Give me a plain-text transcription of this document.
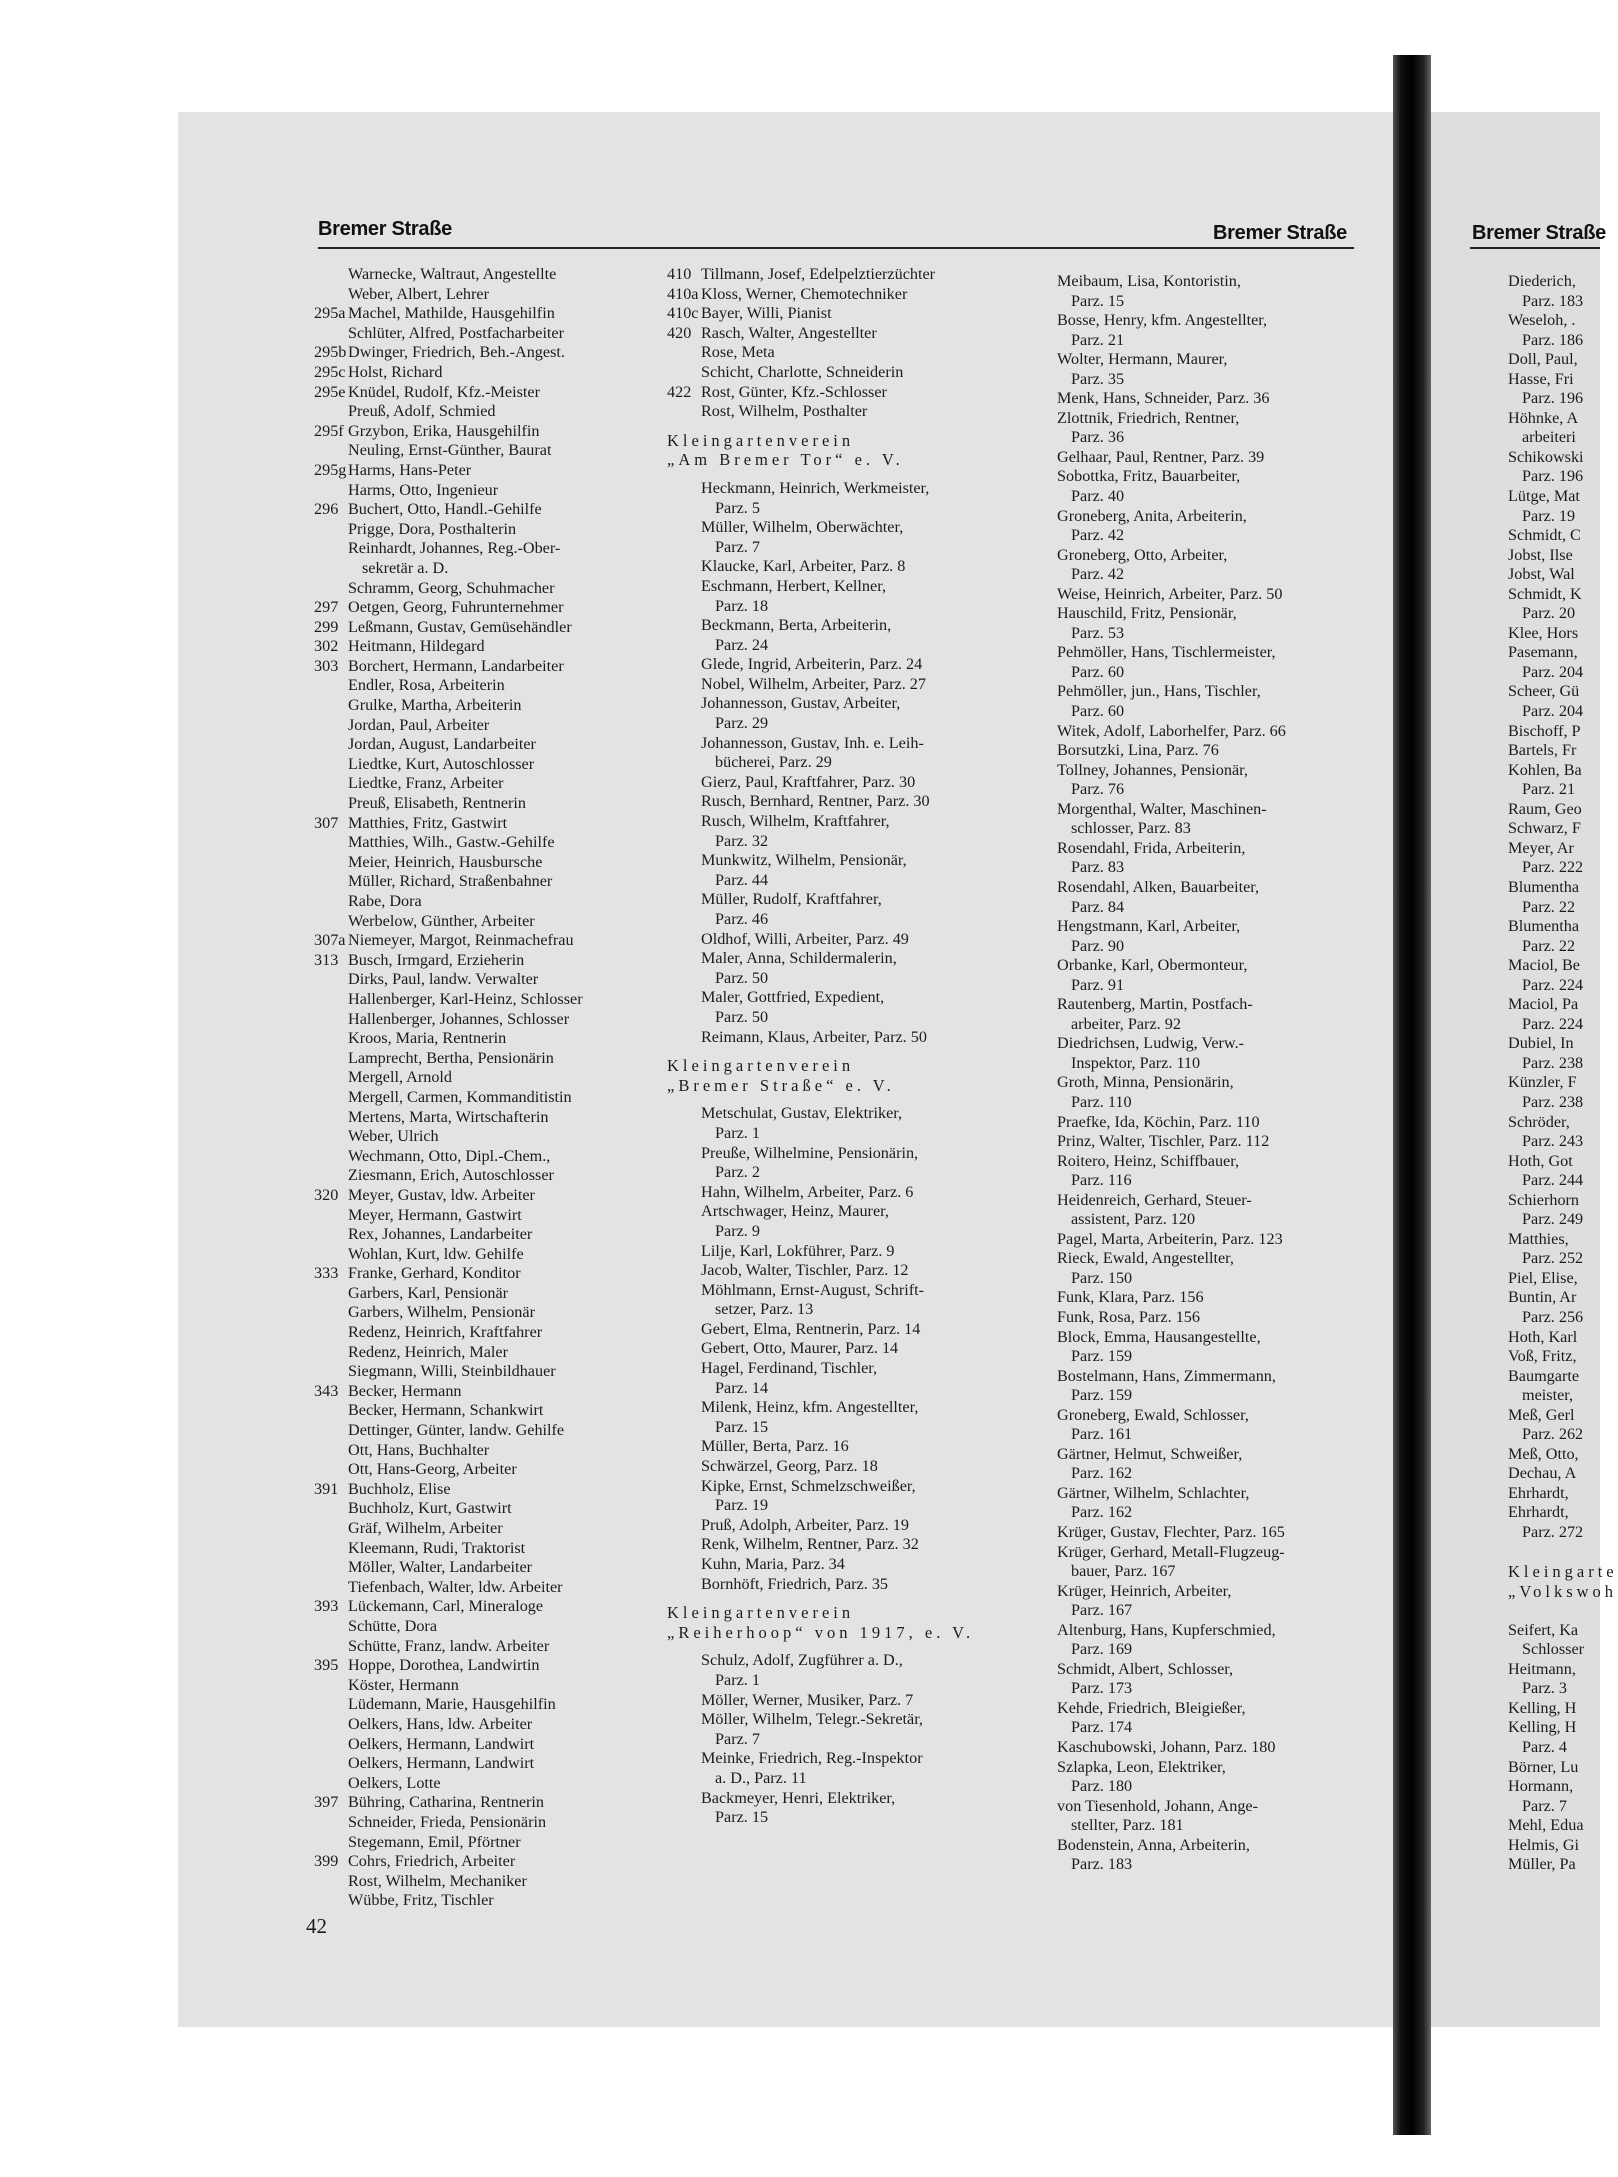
Bremer Straße	Bremer Straße	Bremer Straße
Warnecke, Waltraut, Angestellte
Weber, Albert, Lehrer
295a Machel, Mathilde, Hausgehilfin
Schlüter, Alfred, Postfacharbeiter
295b Dwinger, Friedrich, Beh.-Angest.
295c Holst, Richard
295e Knüdel, Rudolf, Kfz.-Meister
Preuß, Adolf, Schmied
295f Grzybon, Erika, Hausgehilfin
Neuling, Ernst-Günther, Baurat
295g Harms, Hans-Peter
Harms, Otto, Ingenieur
296 Buchert, Otto, Handl.-Gehilfe
Prigge, Dora, Posthalterin
Reinhardt, Johannes, Reg.-Ober-
sekretär a. D.
Schramm, Georg, Schuhmacher
297 Oetgen, Georg, Fuhrunternehmer
299 Leßmann, Gustav, Gemüsehändler
302 Heitmann, Hildegard
303 Borchert, Hermann, Landarbeiter
Endler, Rosa, Arbeiterin
Grulke, Martha, Arbeiterin
Jordan, Paul, Arbeiter
Jordan, August, Landarbeiter
Liedtke, Kurt, Autoschlosser
Liedtke, Franz, Arbeiter
Preuß, Elisabeth, Rentnerin
307 Matthies, Fritz, Gastwirt
Matthies, Wilh., Gastw.-Gehilfe
Meier, Heinrich, Hausbursche
Müller, Richard, Straßenbahner
Rabe, Dora
Werbelow, Günther, Arbeiter
307a Niemeyer, Margot, Reinmachefrau
313 Busch, Irmgard, Erzieherin
Dirks, Paul, landw. Verwalter
Hallenberger, Karl-Heinz, Schlosser
Hallenberger, Johannes, Schlosser
Kroos, Maria, Rentnerin
Lamprecht, Bertha, Pensionärin
Mergell, Arnold
Mergell, Carmen, Kommanditistin
Mertens, Marta, Wirtschafterin
Weber, Ulrich
Wechmann, Otto, Dipl.-Chem.,
Ziesmann, Erich, Autoschlosser
320 Meyer, Gustav, ldw. Arbeiter
Meyer, Hermann, Gastwirt
Rex, Johannes, Landarbeiter
Wohlan, Kurt, ldw. Gehilfe
333 Franke, Gerhard, Konditor
Garbers, Karl, Pensionär
Garbers, Wilhelm, Pensionär
Redenz, Heinrich, Kraftfahrer
Redenz, Heinrich, Maler
Siegmann, Willi, Steinbildhauer
343 Becker, Hermann
Becker, Hermann, Schankwirt
Dettinger, Günter, landw. Gehilfe
Ott, Hans, Buchhalter
Ott, Hans-Georg, Arbeiter
391 Buchholz, Elise
Buchholz, Kurt, Gastwirt
Gräf, Wilhelm, Arbeiter
Kleemann, Rudi, Traktorist
Möller, Walter, Landarbeiter
Tiefenbach, Walter, ldw. Arbeiter
393 Lückemann, Carl, Mineraloge
Schütte, Dora
Schütte, Franz, landw. Arbeiter
395 Hoppe, Dorothea, Landwirtin
Köster, Hermann
Lüdemann, Marie, Hausgehilfin
Oelkers, Hans, ldw. Arbeiter
Oelkers, Hermann, Landwirt
Oelkers, Hermann, Landwirt
Oelkers, Lotte
397 Bühring, Catharina, Rentnerin
Schneider, Frieda, Pensionärin
Stegemann, Emil, Pförtner
399 Cohrs, Friedrich, Arbeiter
Rost, Wilhelm, Mechaniker
Wübbe, Fritz, Tischler
410 Tillmann, Josef, Edelpelztierzüchter
410a Kloss, Werner, Chemotechniker
410c Bayer, Willi, Pianist
420 Rasch, Walter, Angestellter
Rose, Meta
Schicht, Charlotte, Schneiderin
422 Rost, Günter, Kfz.-Schlosser
Rost, Wilhelm, Posthalter
Kleingartenverein
„Am Bremer Tor“ e. V.
Heckmann, Heinrich, Werkmeister,
Parz. 5
Müller, Wilhelm, Oberwächter,
Parz. 7
Klaucke, Karl, Arbeiter, Parz. 8
Eschmann, Herbert, Kellner,
Parz. 18
Beckmann, Berta, Arbeiterin,
Parz. 24
Glede, Ingrid, Arbeiterin, Parz. 24
Nobel, Wilhelm, Arbeiter, Parz. 27
Johannesson, Gustav, Arbeiter,
Parz. 29
Johannesson, Gustav, Inh. e. Leih-
bücherei, Parz. 29
Gierz, Paul, Kraftfahrer, Parz. 30
Rusch, Bernhard, Rentner, Parz. 30
Rusch, Wilhelm, Kraftfahrer,
Parz. 32
Munkwitz, Wilhelm, Pensionär,
Parz. 44
Müller, Rudolf, Kraftfahrer,
Parz. 46
Oldhof, Willi, Arbeiter, Parz. 49
Maler, Anna, Schildermalerin,
Parz. 50
Maler, Gottfried, Expedient,
Parz. 50
Reimann, Klaus, Arbeiter, Parz. 50
Kleingartenverein
„Bremer Straße“ e. V.
Metschulat, Gustav, Elektriker,
Parz. 1
Preuße, Wilhelmine, Pensionärin,
Parz. 2
Hahn, Wilhelm, Arbeiter, Parz. 6
Artschwager, Heinz, Maurer,
Parz. 9
Lilje, Karl, Lokführer, Parz. 9
Jacob, Walter, Tischler, Parz. 12
Möhlmann, Ernst-August, Schrift-
setzer, Parz. 13
Gebert, Elma, Rentnerin, Parz. 14
Gebert, Otto, Maurer, Parz. 14
Hagel, Ferdinand, Tischler,
Parz. 14
Milenk, Heinz, kfm. Angestellter,
Parz. 15
Müller, Berta, Parz. 16
Schwärzel, Georg, Parz. 18
Kipke, Ernst, Schmelzschweißer,
Parz. 19
Pruß, Adolph, Arbeiter, Parz. 19
Renk, Wilhelm, Rentner, Parz. 32
Kuhn, Maria, Parz. 34
Bornhöft, Friedrich, Parz. 35
Kleingartenverein
„Reiherhoop“ von 1917, e. V.
Schulz, Adolf, Zugführer a. D.,
Parz. 1
Möller, Werner, Musiker, Parz. 7
Möller, Wilhelm, Telegr.-Sekretär,
Parz. 7
Meinke, Friedrich, Reg.-Inspektor
a. D., Parz. 11
Backmeyer, Henri, Elektriker,
Parz. 15
Meibaum, Lisa, Kontoristin,
Parz. 15
Bosse, Henry, kfm. Angestellter,
Parz. 21
Wolter, Hermann, Maurer,
Parz. 35
Menk, Hans, Schneider, Parz. 36
Zlottnik, Friedrich, Rentner,
Parz. 36
Gelhaar, Paul, Rentner, Parz. 39
Sobottka, Fritz, Bauarbeiter,
Parz. 40
Groneberg, Anita, Arbeiterin,
Parz. 42
Groneberg, Otto, Arbeiter,
Parz. 42
Weise, Heinrich, Arbeiter, Parz. 50
Hauschild, Fritz, Pensionär,
Parz. 53
Pehmöller, Hans, Tischlermeister,
Parz. 60
Pehmöller, jun., Hans, Tischler,
Parz. 60
Witek, Adolf, Laborhelfer, Parz. 66
Borsutzki, Lina, Parz. 76
Tollney, Johannes, Pensionär,
Parz. 76
Morgenthal, Walter, Maschinen-
schlosser, Parz. 83
Rosendahl, Frida, Arbeiterin,
Parz. 83
Rosendahl, Alken, Bauarbeiter,
Parz. 84
Hengstmann, Karl, Arbeiter,
Parz. 90
Orbanke, Karl, Obermonteur,
Parz. 91
Rautenberg, Martin, Postfach-
arbeiter, Parz. 92
Diedrichsen, Ludwig, Verw.-
Inspektor, Parz. 110
Groth, Minna, Pensionärin,
Parz. 110
Praefke, Ida, Köchin, Parz. 110
Prinz, Walter, Tischler, Parz. 112
Roitero, Heinz, Schiffbauer,
Parz. 116
Heidenreich, Gerhard, Steuer-
assistent, Parz. 120
Pagel, Marta, Arbeiterin, Parz. 123
Rieck, Ewald, Angestellter,
Parz. 150
Funk, Klara, Parz. 156
Funk, Rosa, Parz. 156
Block, Emma, Hausangestellte,
Parz. 159
Bostelmann, Hans, Zimmermann,
Parz. 159
Groneberg, Ewald, Schlosser,
Parz. 161
Gärtner, Helmut, Schweißer,
Parz. 162
Gärtner, Wilhelm, Schlachter,
Parz. 162
Krüger, Gustav, Flechter, Parz. 165
Krüger, Gerhard, Metall-Flugzeug-
bauer, Parz. 167
Krüger, Heinrich, Arbeiter,
Parz. 167
Altenburg, Hans, Kupferschmied,
Parz. 169
Schmidt, Albert, Schlosser,
Parz. 173
Kehde, Friedrich, Bleigießer,
Parz. 174
Kaschubowski, Johann, Parz. 180
Szlapka, Leon, Elektriker,
Parz. 180
von Tiesenhold, Johann, Ange-
stellter, Parz. 181
Bodenstein, Anna, Arbeiterin,
Parz. 183
Diederich,
Parz. 183
Weseloh, .
Parz. 186
Doll, Paul,
Hasse, Fri
Parz. 196
Höhnke, A
arbeiteri
Schikowski
Parz. 196
Lütge, Mat
Parz. 19
Schmidt, C
Jobst, Ilse
Jobst, Wal
Schmidt, K
Parz. 20
Klee, Hors
Pasemann,
Parz. 204
Scheer, Gü
Parz. 204
Bischoff, P
Bartels, Fr
Kohlen, Ba
Parz. 21
Raum, Geo
Schwarz, F
Meyer, Ar
Parz. 222
Blumentha
Parz. 22
Blumentha
Parz. 22
Maciol, Be
Parz. 224
Maciol, Pa
Parz. 224
Dubiel, In
Parz. 238
Künzler, F
Parz. 238
Schröder,
Parz. 243
Hoth, Got
Parz. 244
Schierhorn
Parz. 249
Matthies,
Parz. 252
Piel, Elise,
Buntin, Ar
Parz. 256
Hoth, Karl
Voß, Fritz,
Baumgarte
meister,
Meß, Gerl
Parz. 262
Meß, Otto,
Dechau, A
Ehrhardt,
Ehrhardt,
Parz. 272
Kleingarte
„Volkswoh
Seifert, Ka
Schlosser
Heitmann,
Parz. 3
Kelling, H
Kelling, H
Parz. 4
Börner, Lu
Hormann,
Parz. 7
Mehl, Edua
Helmis, Gi
Müller, Pa
42
